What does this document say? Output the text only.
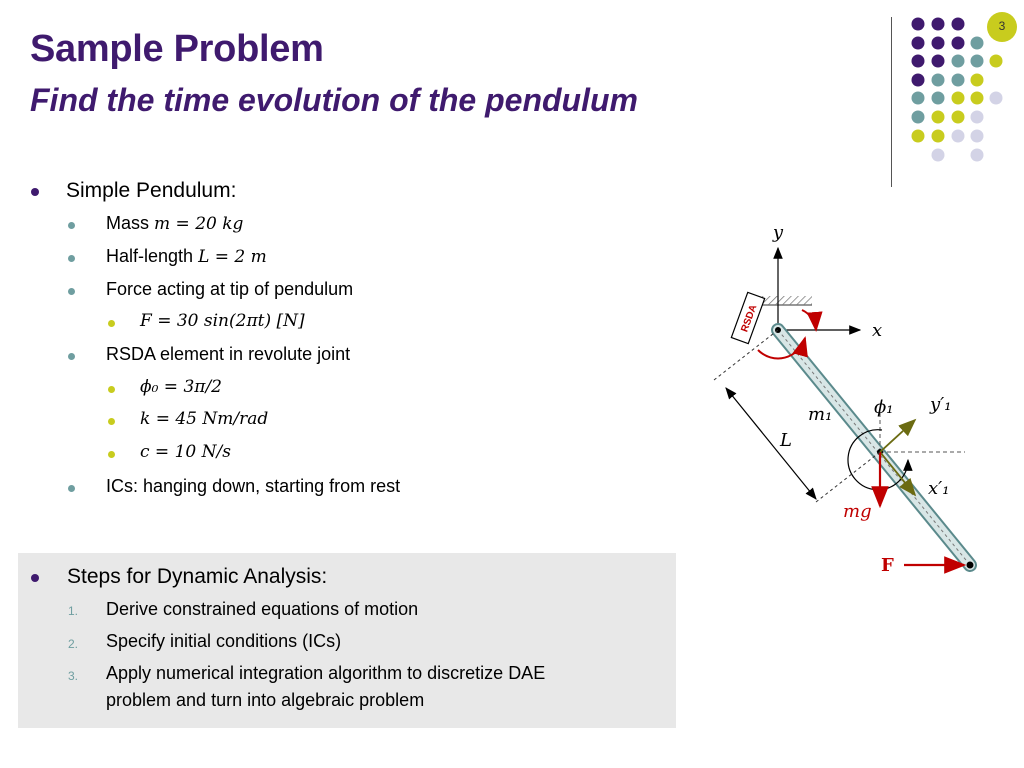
Sample Problem
Find the time evolution of the pendulum
3
Simple Pendulum:
Mass m = 20 kg
Half-length L = 2 m
Force acting at tip of pendulum
F = 30 sin(2πt) [N]
RSDA element in revolute joint
ϕ₀ = 3π/2
k = 45 Nm/rad
c = 10 N/s
ICs: hanging down, starting from rest
Steps for Dynamic Analysis:
1. Derive constrained equations of motion
2. Specify initial conditions (ICs)
3. Apply numerical integration algorithm to discretize DAE
problem and turn into algebraic problem
y
x
RSDA
m₁ ϕ₁ y′₁
x′₁
mg
L
F
